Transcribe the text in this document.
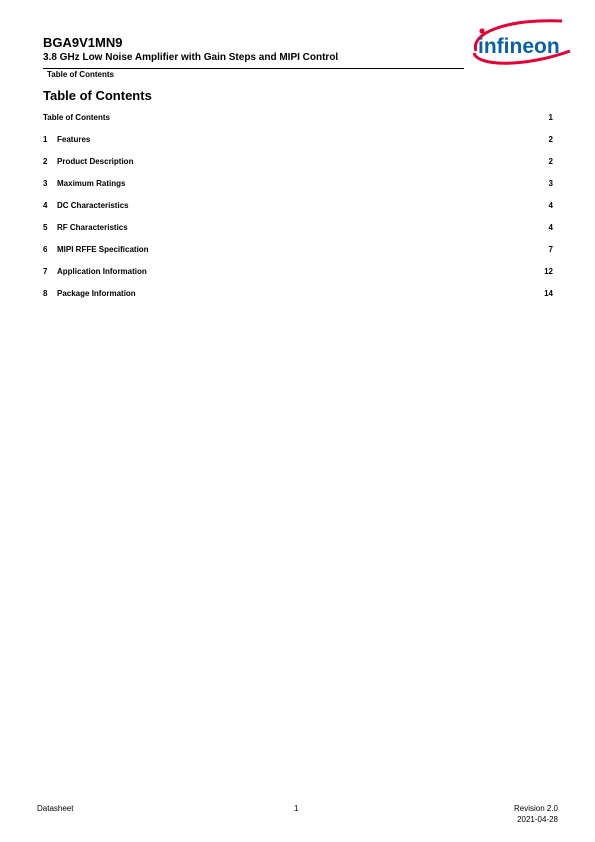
BGA9V1MN9
3.8 GHz Low Noise Amplifier with Gain Steps and MIPI Control
Table of Contents
infineon
Table of Contents
Table of Contents	1
1	Features	2
2	Product Description	2
3	Maximum Ratings	3
4	DC Characteristics	4
5	RF Characteristics	4
6	MIPI RFFE Specification	7
7	Application Information	12
8	Package Information	14
Datasheet	1	Revision 2.0
2021-04-28
